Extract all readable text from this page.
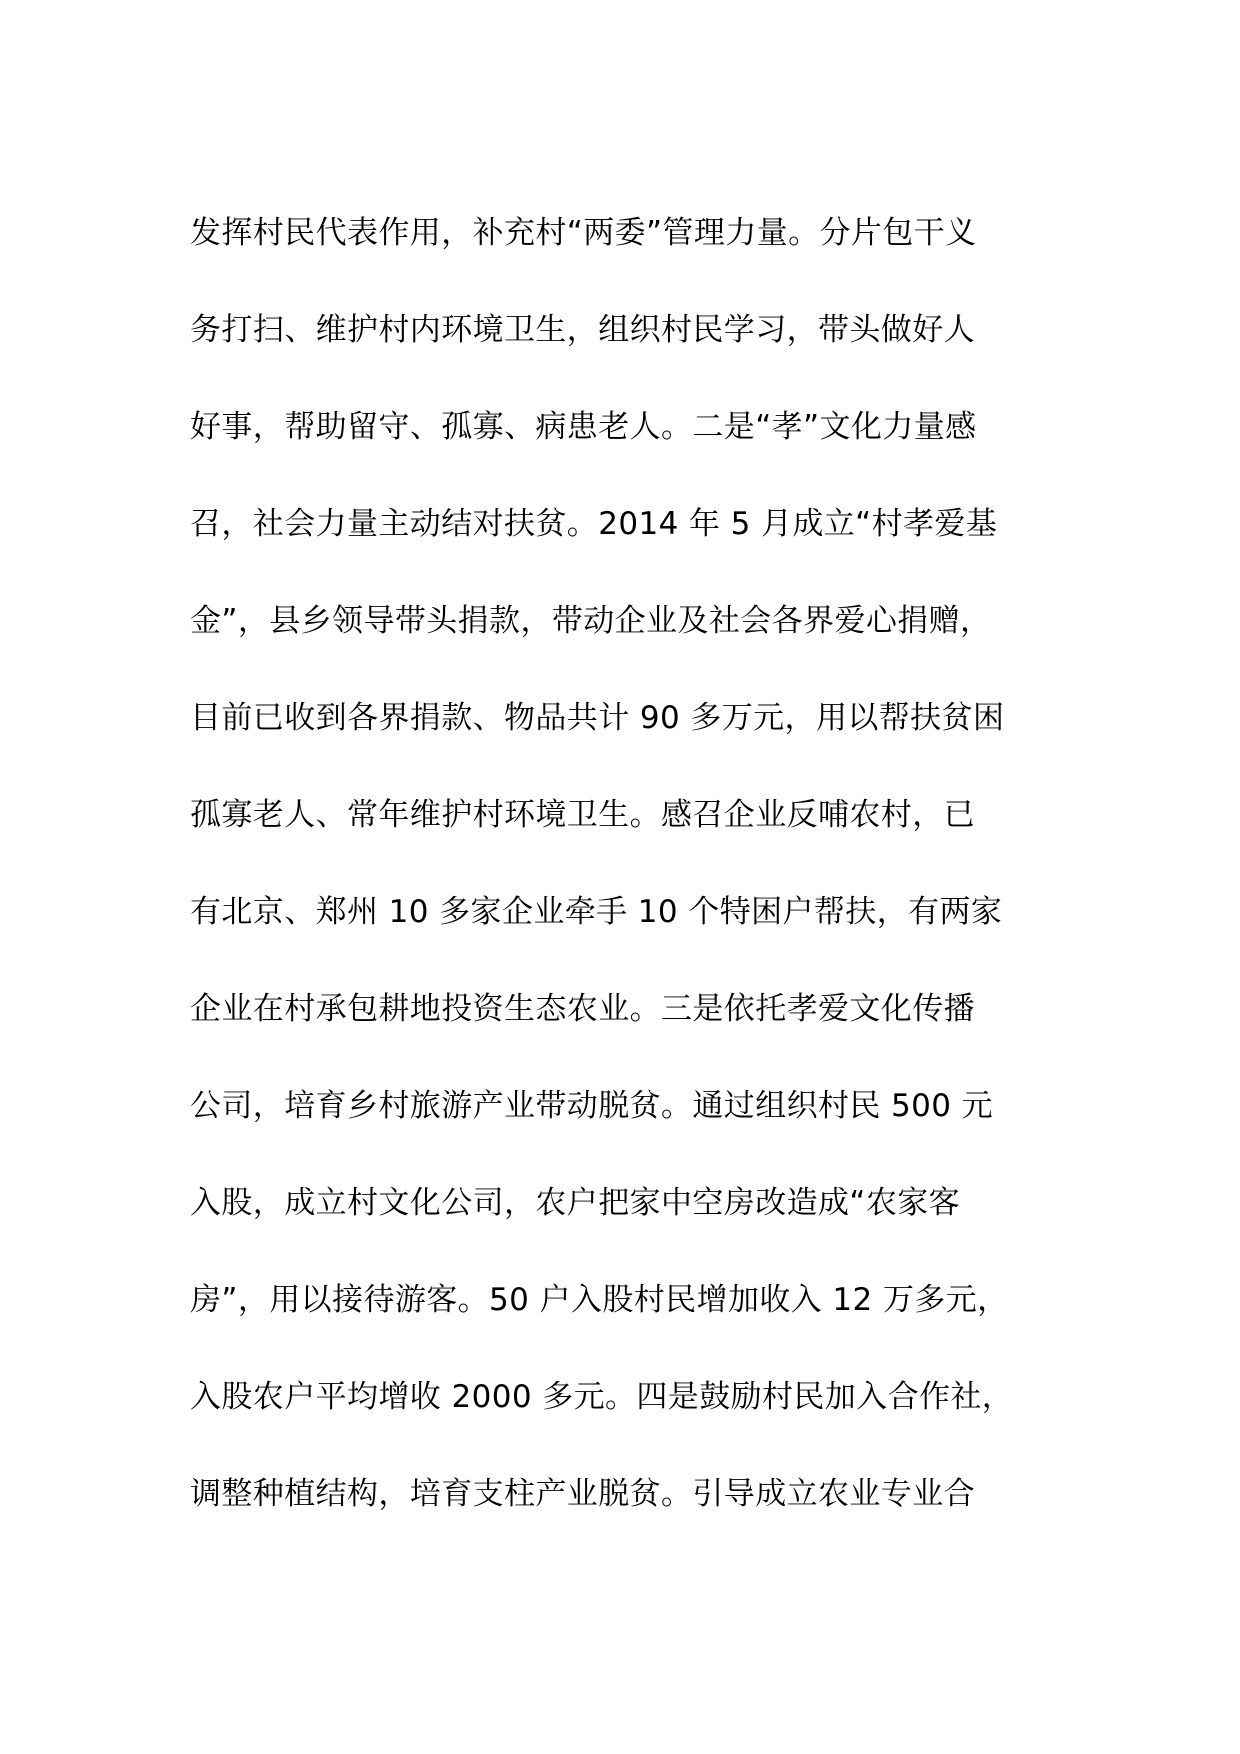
发挥村民代表作用，补充村“两委”管理力量。分片包干义
务打扫、维护村内环境卫生，组织村民学习，带头做好人
好事，帮助留守、孤寡、病患老人。二是“孝”文化力量感
召，社会力量主动结对扶贫。2014 年 5 月成立“村孝爱基
金”，县乡领导带头捐款，带动企业及社会各界爱心捐赠，
目前已收到各界捐款、物品共计 90 多万元，用以帮扶贫困
孤寡老人、常年维护村环境卫生。感召企业反哺农村，已
有北京、郑州 10 多家企业牵手 10 个特困户帮扶，有两家
企业在村承包耕地投资生态农业。三是依托孝爱文化传播
公司，培育乡村旅游产业带动脱贫。通过组织村民 500 元
入股，成立村文化公司，农户把家中空房改造成“农家客
房”，用以接待游客。50 户入股村民增加收入 12 万多元，
入股农户平均增收 2000 多元。四是鼓励村民加入合作社，
调整种植结构，培育支柱产业脱贫。引导成立农业专业合
